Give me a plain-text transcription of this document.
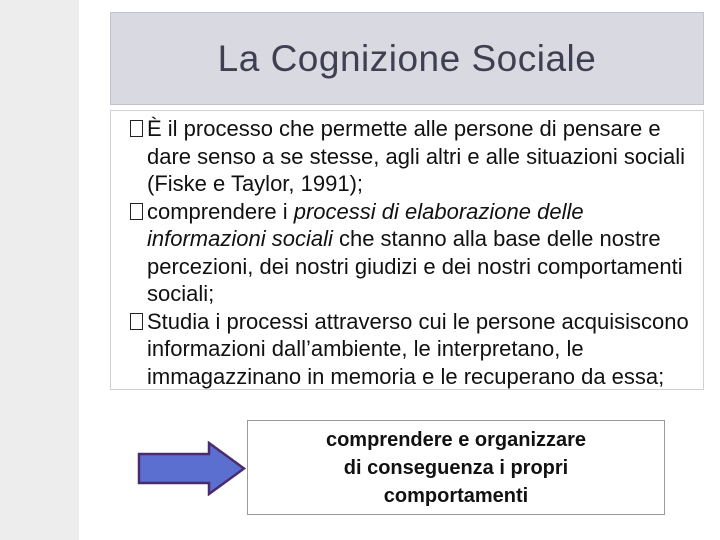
La Cognizione Sociale

È il processo che permette alle persone di pensare e dare senso a se stesse, agli altri e alle situazioni sociali (Fiske e Taylor, 1991);

comprendere i processi di elaborazione delle informazioni sociali che stanno alla base delle nostre percezioni, dei nostri giudizi e dei nostri comportamenti sociali;

Studia i processi attraverso cui le persone acquisiscono informazioni dall’ambiente, le interpretano, le immagazzinano in memoria e le recuperano da essa;

comprendere e organizzare
di conseguenza i propri
comportamenti
